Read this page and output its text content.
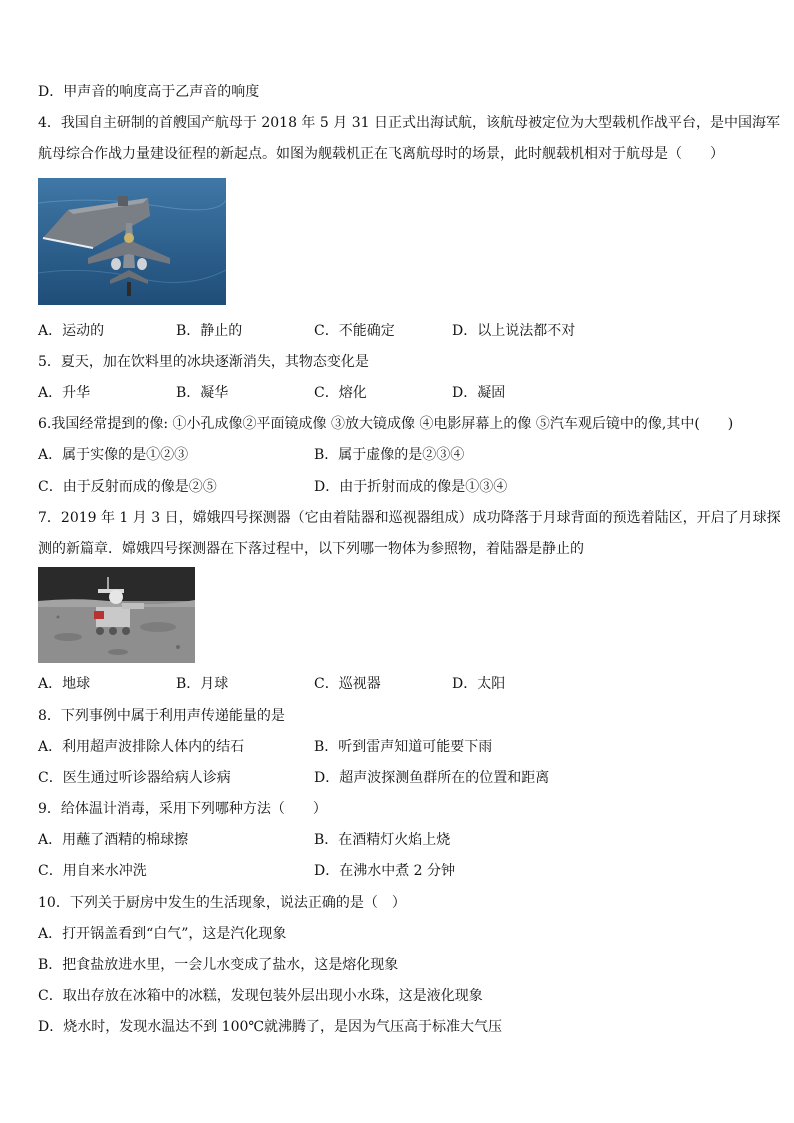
D．甲声音的响度高于乙声音的响度
4．我国自主研制的首艘国产航母于 2018 年 5 月 31 日正式出海试航，该航母被定位为大型载机作战平台，是中国海军
航母综合作战力量建设征程的新起点。如图为舰载机正在飞离航母时的场景，此时舰载机相对于航母是（　　）
A．运动的	B．静止的	C．不能确定	D．以上说法都不对
5．夏天，加在饮料里的冰块逐渐消失，其物态变化是
A．升华	B．凝华	C．熔化	D．凝固
6.我国经常提到的像: ①小孔成像②平面镜成像 ③放大镜成像 ④电影屏幕上的像 ⑤汽车观后镜中的像,其中(　　)
A．属于实像的是①②③	B．属于虚像的是②③④
C．由于反射而成的像是②⑤	D．由于折射而成的像是①③④
7．2019 年 1 月 3 日，嫦娥四号探测器（它由着陆器和巡视器组成）成功降落于月球背面的预选着陆区，开启了月球探
测的新篇章．嫦娥四号探测器在下落过程中，以下列哪一物体为参照物，着陆器是静止的
A．地球	B．月球	C．巡视器	D．太阳
8．下列事例中属于利用声传递能量的是
A．利用超声波排除人体内的结石	B．听到雷声知道可能要下雨
C．医生通过听诊器给病人诊病	D．超声波探测鱼群所在的位置和距离
9．给体温计消毒，采用下列哪种方法（　　）
A．用蘸了酒精的棉球擦	B．在酒精灯火焰上烧
C．用自来水冲洗	D．在沸水中煮 2 分钟
10．下列关于厨房中发生的生活现象，说法正确的是（　）
A．打开锅盖看到“白气”，这是汽化现象
B．把食盐放进水里，一会儿水变成了盐水，这是熔化现象
C．取出存放在冰箱中的冰糕，发现包装外层出现小水珠，这是液化现象
D．烧水时，发现水温达不到 100℃就沸腾了，是因为气压高于标准大气压
